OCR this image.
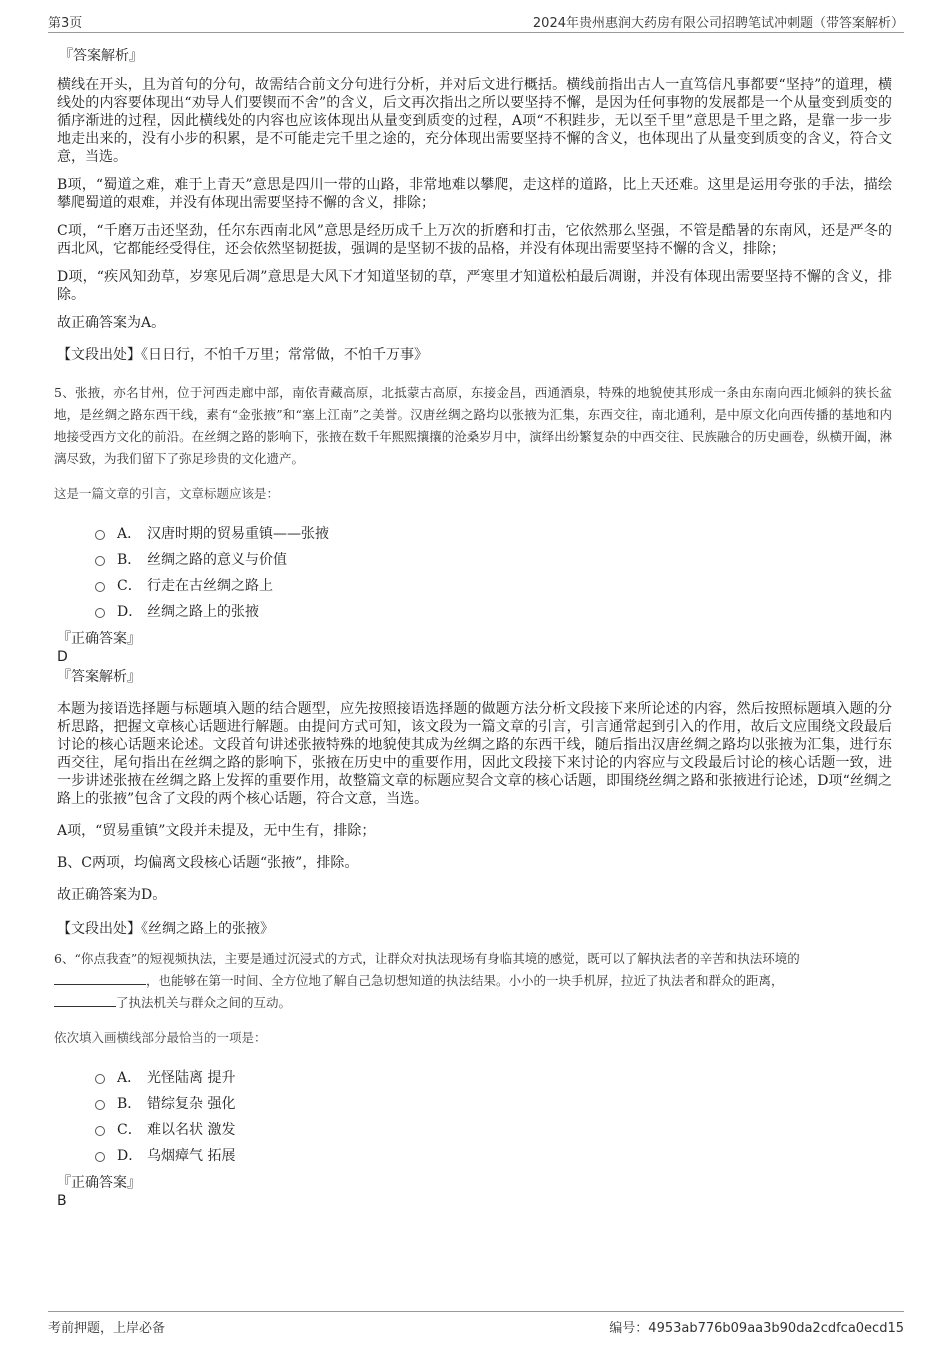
第3页	2024年贵州惠润大药房有限公司招聘笔试冲刺题（带答案解析）
『答案解析』

横线在开头，且为首句的分句，故需结合前文分句进行分析，并对后文进行概括。横线前指出古人一直笃信凡事都要“坚持”的道理，横线处的内容要体现出“劝导人们要锲而不舍”的含义，后文再次指出之所以要坚持不懈，是因为任何事物的发展都是一个从量变到质变的循序渐进的过程，因此横线处的内容也应该体现出从量变到质变的过程，A项“不积跬步，无以至千里”意思是千里之路，是靠一步一步地走出来的，没有小步的积累，是不可能走完千里之途的，充分体现出需要坚持不懈的含义，也体现出了从量变到质变的含义，符合文意，当选。

B项，“蜀道之难，难于上青天”意思是四川一带的山路，非常地难以攀爬，走这样的道路，比上天还难。这里是运用夸张的手法，描绘攀爬蜀道的艰难，并没有体现出需要坚持不懈的含义，排除；

C项，“千磨万击还坚劲，任尔东西南北风”意思是经历成千上万次的折磨和打击，它依然那么坚强，不管是酷暑的东南风，还是严冬的西北风，它都能经受得住，还会依然坚韧挺拔，强调的是坚韧不拔的品格，并没有体现出需要坚持不懈的含义，排除；

D项，“疾风知劲草，岁寒见后凋”意思是大风下才知道坚韧的草，严寒里才知道松柏最后凋谢，并没有体现出需要坚持不懈的含义，排除。

故正确答案为A。

【文段出处】《日日行，不怕千万里；常常做，不怕千万事》

5、张掖，亦名甘州，位于河西走廊中部，南依青藏高原，北抵蒙古高原，东接金昌，西通酒泉，特殊的地貌使其形成一条由东南向西北倾斜的狭长盆地，是丝绸之路东西干线，素有“金张掖”和“塞上江南”之美誉。汉唐丝绸之路均以张掖为汇集，东西交往，南北通利，是中原文化向西传播的基地和内地接受西方文化的前沿。在丝绸之路的影响下，张掖在数千年熙熙攘攘的沧桑岁月中，演绎出纷繁复杂的中西交往、民族融合的历史画卷，纵横开阖，淋漓尽致，为我们留下了弥足珍贵的文化遗产。

这是一篇文章的引言，文章标题应该是：
A． 汉唐时期的贸易重镇——张掖
B． 丝绸之路的意义与价值
C． 行走在古丝绸之路上
D． 丝绸之路上的张掖
『正确答案』
D
『答案解析』

本题为接语选择题与标题填入题的结合题型，应先按照接语选择题的做题方法分析文段接下来所论述的内容，然后按照标题填入题的分析思路，把握文章核心话题进行解题。由提问方式可知，该文段为一篇文章的引言，引言通常起到引入的作用，故后文应围绕文段最后讨论的核心话题来论述。文段首句讲述张掖特殊的地貌使其成为丝绸之路的东西干线，随后指出汉唐丝绸之路均以张掖为汇集，进行东西交往，尾句指出在丝绸之路的影响下，张掖在历史中的重要作用，因此文段接下来讨论的内容应与文段最后讨论的核心话题一致，进一步讲述张掖在丝绸之路上发挥的重要作用，故整篇文章的标题应契合文章的核心话题，即围绕丝绸之路和张掖进行论述，D项“丝绸之路上的张掖”包含了文段的两个核心话题，符合文意，当选。

A项，“贸易重镇”文段并未提及，无中生有，排除；

B、C两项，均偏离文段核心话题“张掖”，排除。

故正确答案为D。

【文段出处】《丝绸之路上的张掖》

6、“你点我查”的短视频执法，主要是通过沉浸式的方式，让群众对执法现场有身临其境的感觉，既可以了解执法者的辛苦和执法环境的
，也能够在第一时间、全方位地了解自己急切想知道的执法结果。小小的一块手机屏，拉近了执法者和群众的距离，
了执法机关与群众之间的互动。

依次填入画横线部分最恰当的一项是：
A． 光怪陆离 提升
B． 错综复杂 强化
C． 难以名状 激发
D． 乌烟瘴气 拓展
『正确答案』
B
考前押题，上岸必备	编号：4953ab776b09aa3b90da2cdfca0ecd15
